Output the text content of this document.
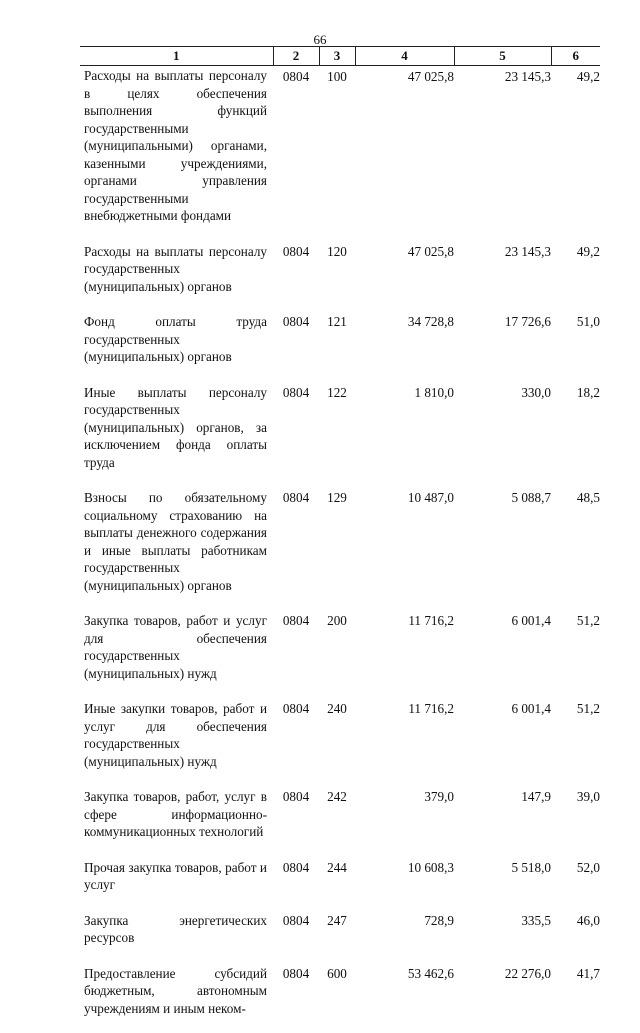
66
1	2	3	4	5	6
Расходы на выплаты персоналу в целях обеспечения выполнения функций государственными (муниципальными) органами, казенными учреждениями, органами управления государственными внебюджетными фондами	0804	100	47 025,8	23 145,3	49,2
Расходы на выплаты персоналу государственных (муниципальных) органов	0804	120	47 025,8	23 145,3	49,2
Фонд оплаты труда государственных (муниципальных) органов	0804	121	34 728,8	17 726,6	51,0
Иные выплаты персоналу государственных (муниципальных) органов, за исключением фонда оплаты труда	0804	122	1 810,0	330,0	18,2
Взносы по обязательному социальному страхованию на выплаты денежного содержания и иные выплаты работникам государственных (муниципальных) органов	0804	129	10 487,0	5 088,7	48,5
Закупка товаров, работ и услуг для обеспечения государственных (муниципальных) нужд	0804	200	11 716,2	6 001,4	51,2
Иные закупки товаров, работ и услуг для обеспечения государственных (муниципальных) нужд	0804	240	11 716,2	6 001,4	51,2
Закупка товаров, работ, услуг в сфере информационно-коммуникационных технологий	0804	242	379,0	147,9	39,0
Прочая закупка товаров, работ и услуг	0804	244	10 608,3	5 518,0	52,0
Закупка энергетических ресурсов	0804	247	728,9	335,5	46,0
Предоставление субсидий бюджетным, автономным учреждениям и иным неком-	0804	600	53 462,6	22 276,0	41,7
